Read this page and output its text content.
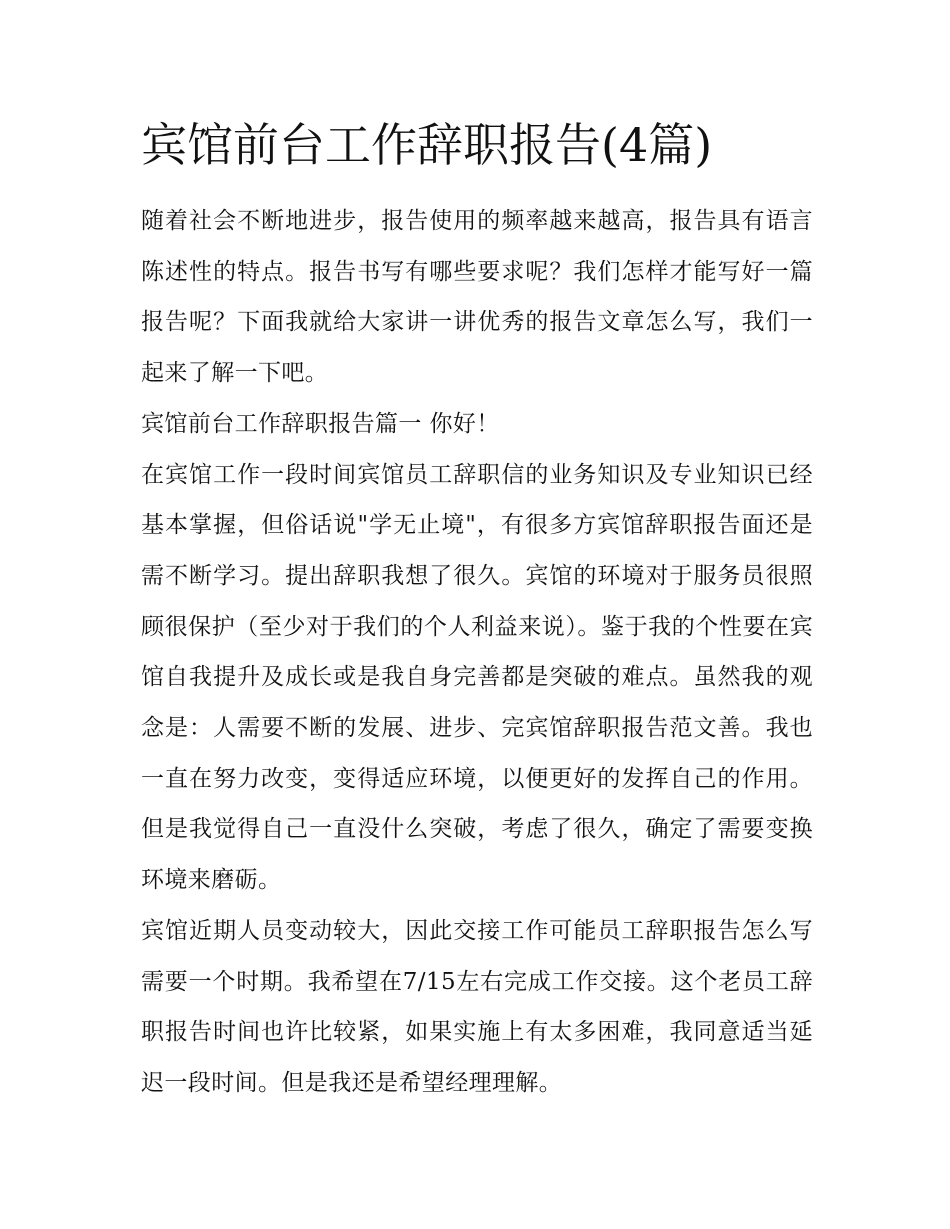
宾馆前台工作辞职报告(4篇)

随着社会不断地进步，报告使用的频率越来越高，报告具有语言陈述性的特点。报告书写有哪些要求呢？我们怎样才能写好一篇报告呢？下面我就给大家讲一讲优秀的报告文章怎么写，我们一起来了解一下吧。

宾馆前台工作辞职报告篇一 你好！

在宾馆工作一段时间宾馆员工辞职信的业务知识及专业知识已经基本掌握，但俗话说"学无止境"，有很多方宾馆辞职报告面还是需不断学习。提出辞职我想了很久。宾馆的环境对于服务员很照顾很保护（至少对于我们的个人利益来说）。鉴于我的个性要在宾馆自我提升及成长或是我自身完善都是突破的难点。虽然我的观念是：人需要不断的发展、进步、完宾馆辞职报告范文善。我也一直在努力改变，变得适应环境，以便更好的发挥自己的作用。但是我觉得自己一直没什么突破，考虑了很久，确定了需要变换环境来磨砺。

宾馆近期人员变动较大，因此交接工作可能员工辞职报告怎么写需要一个时期。我希望在7/15左右完成工作交接。这个老员工辞职报告时间也许比较紧，如果实施上有太多困难，我同意适当延迟一段时间。但是我还是希望经理理解。
